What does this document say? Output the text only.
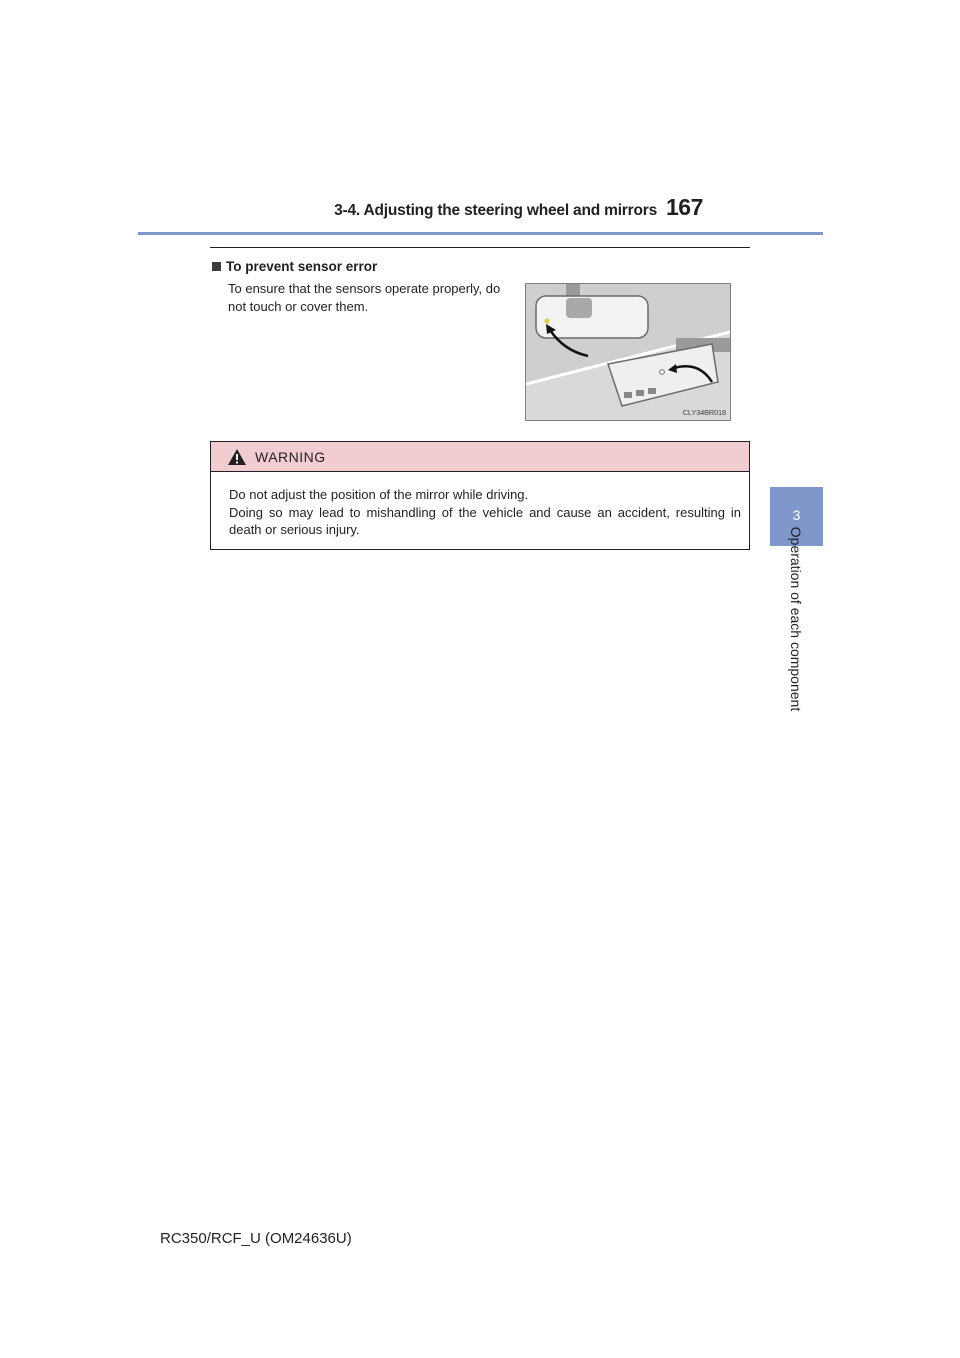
3-4. Adjusting the steering wheel and mirrors 167
3
Operation of each component
To prevent sensor error
To ensure that the sensors operate properly, do not touch or cover them.
CLY34BR018
WARNING

Do not adjust the position of the mirror while driving.

Doing so may lead to mishandling of the vehicle and cause an accident, resulting in death or serious injury.

RC350/RCF_U (OM24636U)
